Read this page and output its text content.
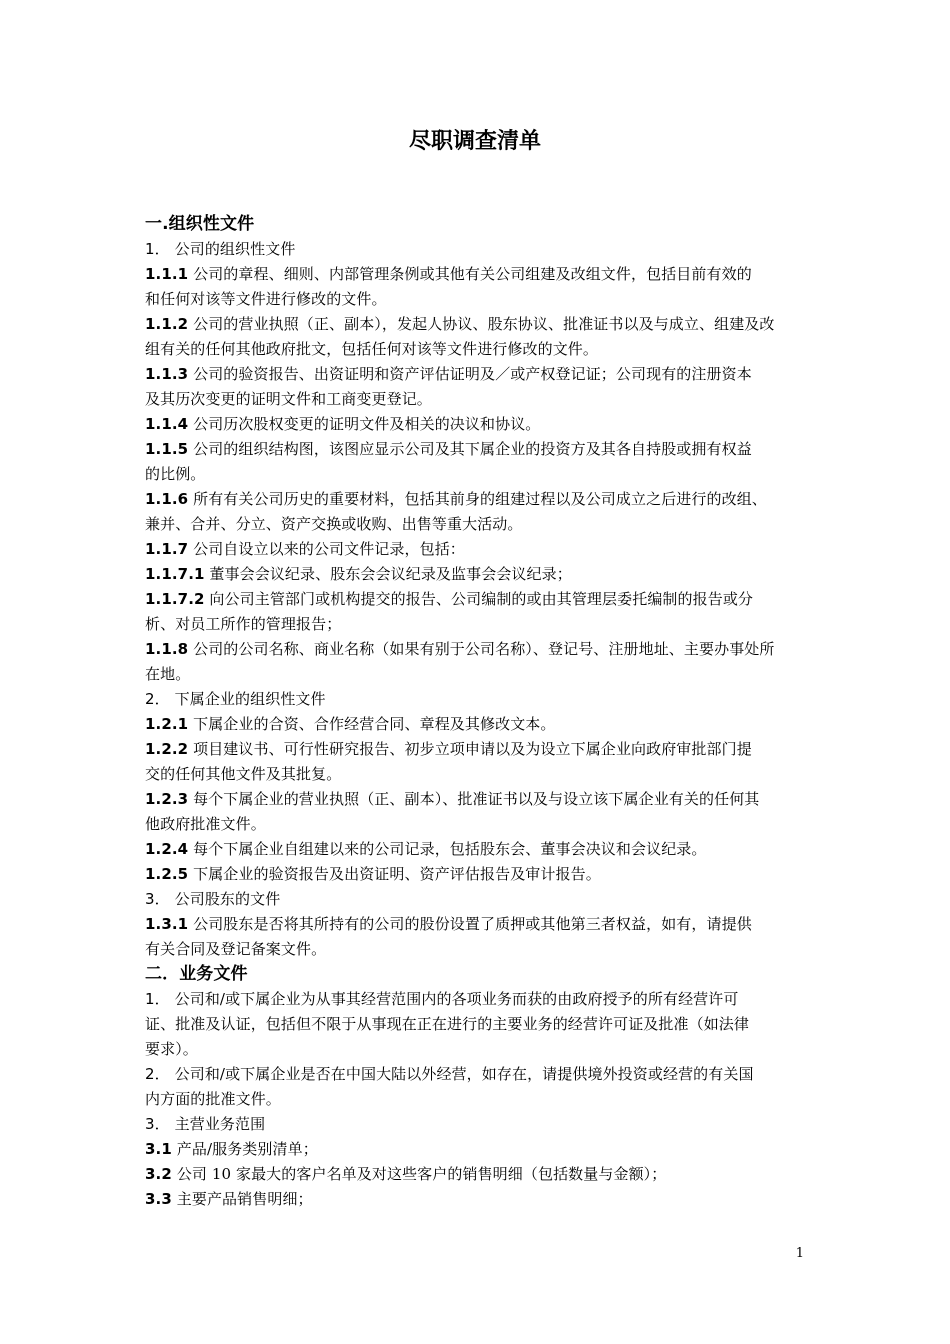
尽职调查清单
一.组织性文件
1． 公司的组织性文件
1.1.1 公司的章程、细则、内部管理条例或其他有关公司组建及改组文件，包括目前有效的
和任何对该等文件进行修改的文件。
1.1.2 公司的营业执照（正、副本），发起人协议、股东协议、批准证书以及与成立、组建及改
组有关的任何其他政府批文，包括任何对该等文件进行修改的文件。
1.1.3 公司的验资报告、出资证明和资产评估证明及／或产权登记证；公司现有的注册资本
及其历次变更的证明文件和工商变更登记。
1.1.4 公司历次股权变更的证明文件及相关的决议和协议。
1.1.5 公司的组织结构图，该图应显示公司及其下属企业的投资方及其各自持股或拥有权益
的比例。
1.1.6 所有有关公司历史的重要材料，包括其前身的组建过程以及公司成立之后进行的改组、
兼并、合并、分立、资产交换或收购、出售等重大活动。
1.1.7 公司自设立以来的公司文件记录，包括：
1.1.7.1 董事会会议纪录、股东会会议纪录及监事会会议纪录；
1.1.7.2 向公司主管部门或机构提交的报告、公司编制的或由其管理层委托编制的报告或分
析、对员工所作的管理报告；
1.1.8 公司的公司名称、商业名称（如果有别于公司名称）、登记号、注册地址、主要办事处所
在地。
2． 下属企业的组织性文件
1.2.1 下属企业的合资、合作经营合同、章程及其修改文本。
1.2.2 项目建议书、可行性研究报告、初步立项申请以及为设立下属企业向政府审批部门提
交的任何其他文件及其批复。
1.2.3 每个下属企业的营业执照（正、副本）、批准证书以及与设立该下属企业有关的任何其
他政府批准文件。
1.2.4 每个下属企业自组建以来的公司记录，包括股东会、董事会决议和会议纪录。
1.2.5 下属企业的验资报告及出资证明、资产评估报告及审计报告。
3． 公司股东的文件
1.3.1 公司股东是否将其所持有的公司的股份设置了质押或其他第三者权益，如有，请提供
有关合同及登记备案文件。
二．业务文件
1． 公司和/或下属企业为从事其经营范围内的各项业务而获的由政府授予的所有经营许可
证、批准及认证，包括但不限于从事现在正在进行的主要业务的经营许可证及批准（如法律
要求）。
2． 公司和/或下属企业是否在中国大陆以外经营，如存在，请提供境外投资或经营的有关国
内方面的批准文件。
3． 主营业务范围
3.1 产品/服务类别清单；
3.2 公司 10 家最大的客户名单及对这些客户的销售明细（包括数量与金额）；
3.3 主要产品销售明细；
1
